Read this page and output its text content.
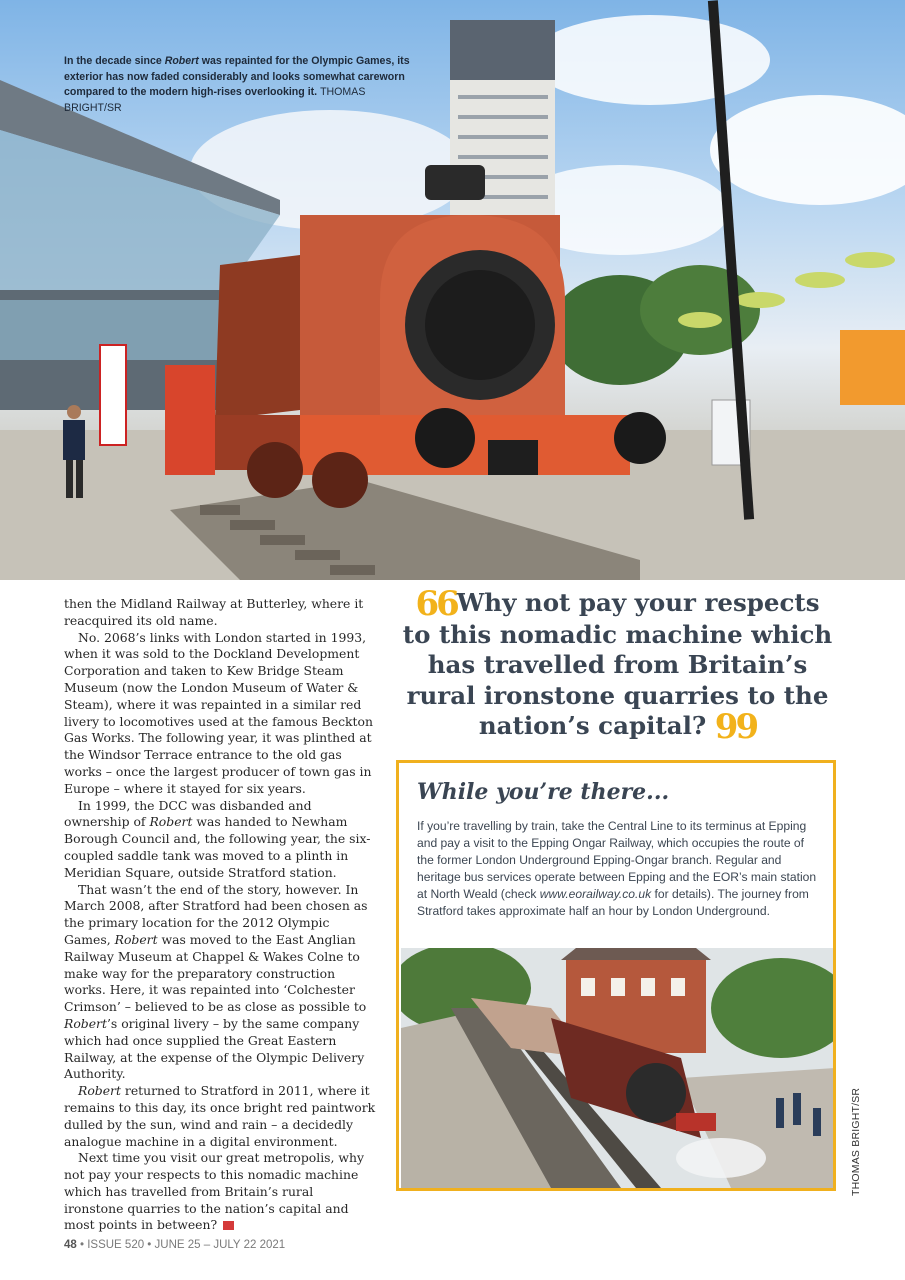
In the decade since Robert was repainted for the Olympic Games, its exterior has now faded considerably and looks somewhat careworn compared to the modern high-rises overlooking it. THOMAS BRIGHT/SR

then the Midland Railway at Butterley, where it reacquired its old name.

No. 2068’s links with London started in 1993, when it was sold to the Dockland Development Corporation and taken to Kew Bridge Steam Museum (now the London Museum of Water & Steam), where it was repainted in a similar red livery to locomotives used at the famous Beckton Gas Works. The following year, it was plinthed at the Windsor Terrace entrance to the old gas works – once the largest producer of town gas in Europe – where it stayed for six years.

In 1999, the DCC was disbanded and ownership of Robert was handed to Newham Borough Council and, the following year, the six-coupled saddle tank was moved to a plinth in Meridian Square, outside Stratford station.

That wasn’t the end of the story, however. In March 2008, after Stratford had been chosen as the primary location for the 2012 Olympic Games, Robert was moved to the East Anglian Railway Museum at Chappel & Wakes Colne to make way for the preparatory construction works. Here, it was repainted into ‘Colchester Crimson’ – believed to be as close as possible to Robert’s original livery – by the same company which had once supplied the Great Eastern Railway, at the expense of the Olympic Delivery Authority.

Robert returned to Stratford in 2011, where it remains to this day, its once bright red paintwork dulled by the sun, wind and rain – a decidedly analogue machine in a digital environment.

Next time you visit our great metropolis, why not pay your respects to this nomadic machine which has travelled from Britain’s rural ironstone quarries to the nation’s capital and most points in between?	SR

66Why not pay your respects to this nomadic machine which has travelled from Britain’s rural ironstone quarries to the nation’s capital? 99
While you’re there...
If you’re travelling by train, take the Central Line to its terminus at Epping and pay a visit to the Epping Ongar Railway, which occupies the route of the former London Underground Epping-Ongar branch. Regular and heritage bus services operate between Epping and the EOR’s main station at North Weald (check www.eorailway.co.uk for details). The journey from Stratford takes approximate half an hour by London Underground.
THOMAS BRIGHT/SR
48 • ISSUE 520 • JUNE 25 – JULY 22 2021
